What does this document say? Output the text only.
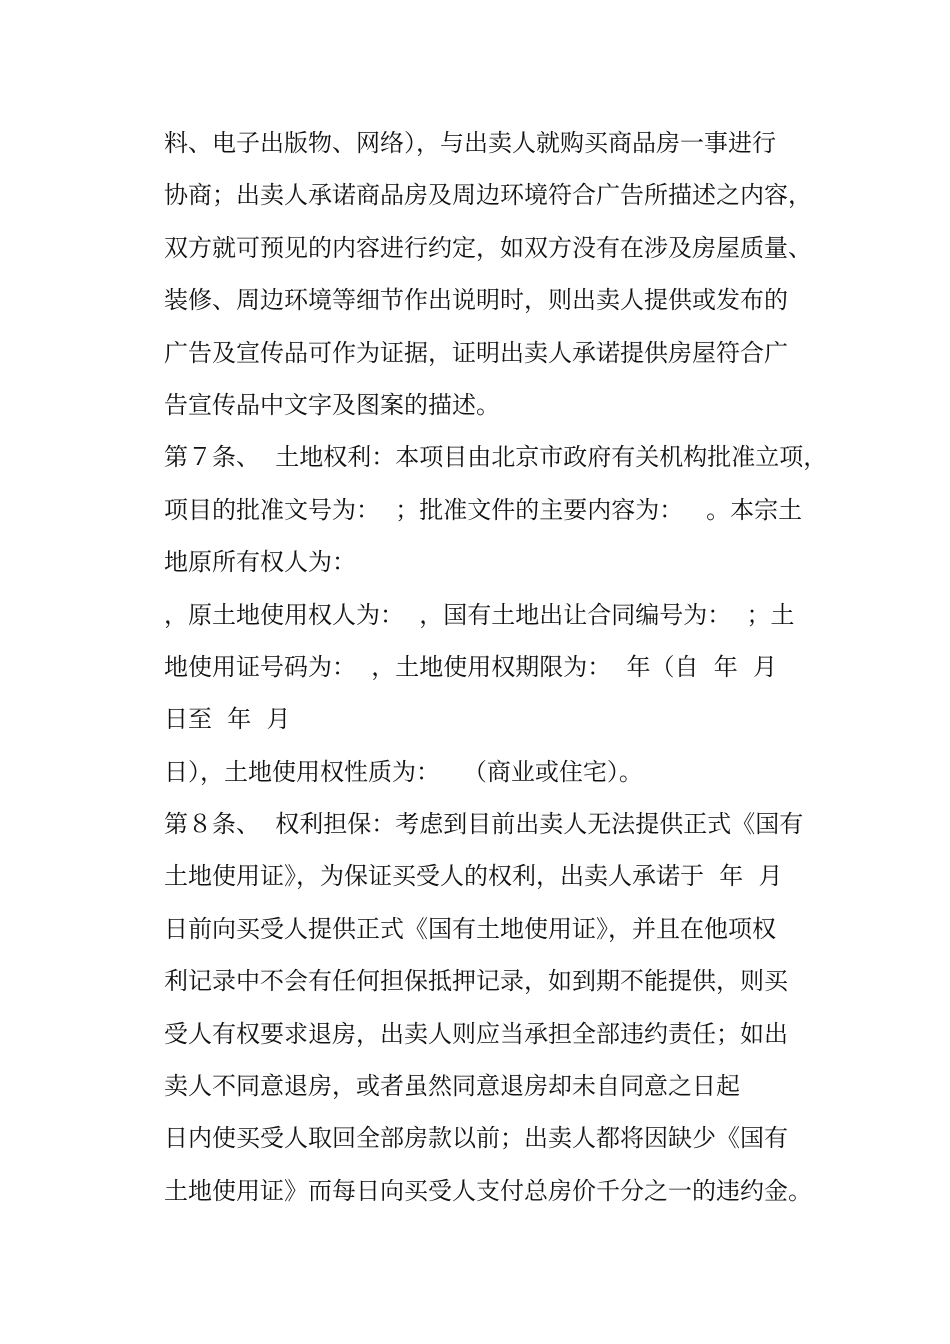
料、电子出版物、网络），与出卖人就购买商品房一事进行
协商；出卖人承诺商品房及周边环境符合广告所描述之内容，
双方就可预见的内容进行约定，如双方没有在涉及房屋质量、
装修、周边环境等细节作出说明时，则出卖人提供或发布的
广告及宣传品可作为证据，证明出卖人承诺提供房屋符合广
告宣传品中文字及图案的描述。
第７条、  土地权利：本项目由北京市政府有关机构批准立项，
项目的批准文号为：  ；批准文件的主要内容为：   。本宗土
地原所有权人为：
，原土地使用权人为：  ，国有土地出让合同编号为：  ；土
地使用证号码为：  ，土地使用权期限为：  年（自  年  月
日至  年  月
日），土地使用权性质为：   （商业或住宅）。
第８条、  权利担保：考虑到目前出卖人无法提供正式《国有
土地使用证》，为保证买受人的权利，出卖人承诺于  年  月
日前向买受人提供正式《国有土地使用证》，并且在他项权
利记录中不会有任何担保抵押记录，如到期不能提供，则买
受人有权要求退房，出卖人则应当承担全部违约责任；如出
卖人不同意退房，或者虽然同意退房却未自同意之日起
日内使买受人取回全部房款以前；出卖人都将因缺少《国有
土地使用证》而每日向买受人支付总房价千分之一的违约金。
